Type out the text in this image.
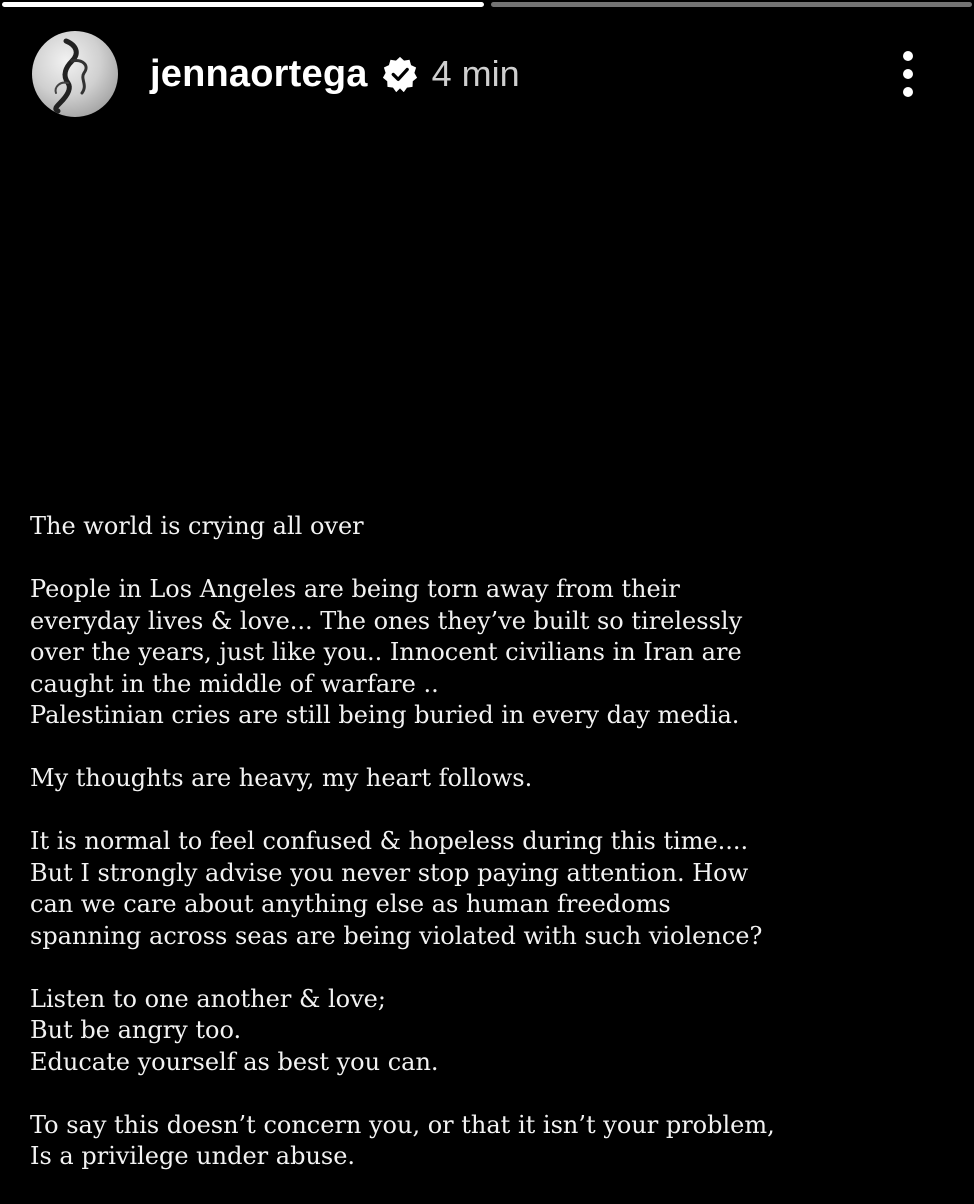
jennaortega 4 min

The world is crying all over

People in Los Angeles are being torn away from their
everyday lives & love... The ones they’ve built so tirelessly
over the years, just like you.. Innocent civilians in Iran are
caught in the middle of warfare ..
Palestinian cries are still being buried in every day media.

My thoughts are heavy, my heart follows.

It is normal to feel confused & hopeless during this time....
But I strongly advise you never stop paying attention. How
can we care about anything else as human freedoms
spanning across seas are being violated with such violence?

Listen to one another & love;
But be angry too.
Educate yourself as best you can.

To say this doesn’t concern you, or that it isn’t your problem,
Is a privilege under abuse.
